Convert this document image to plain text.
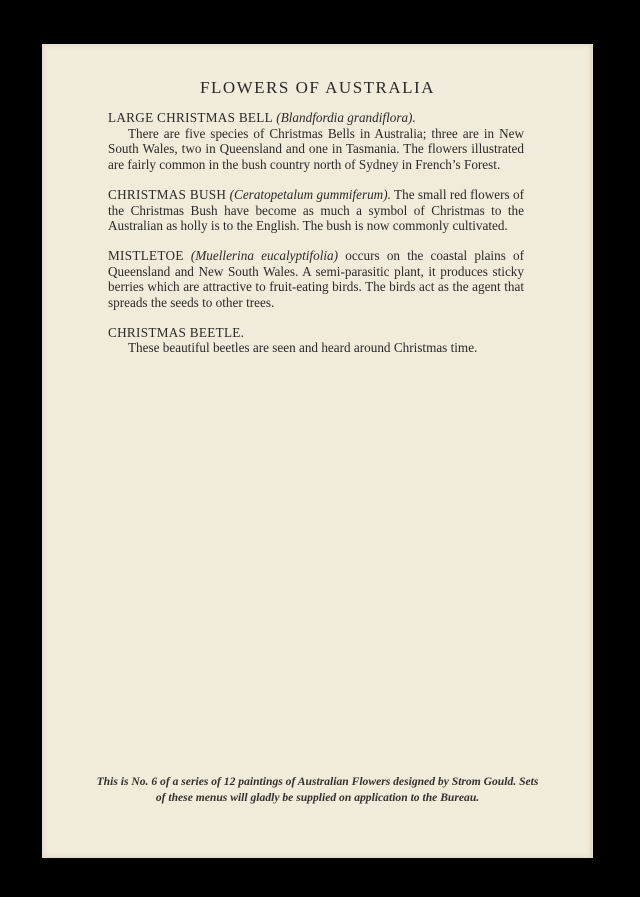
FLOWERS OF AUSTRALIA

LARGE CHRISTMAS BELL (Blandfordia grandiflora).
There are five species of Christmas Bells in Australia; three are in New South Wales, two in Queensland and one in Tasmania. The flowers illustrated are fairly common in the bush country north of Sydney in French’s Forest.

CHRISTMAS BUSH (Ceratopetalum gummiferum). The small red flowers of the Christmas Bush have become as much a symbol of Christmas to the Australian as holly is to the English. The bush is now commonly cultivated.

MISTLETOE (Muellerina eucalyptifolia) occurs on the coastal plains of Queensland and New South Wales. A semi-parasitic plant, it produces sticky berries which are attractive to fruit-eating birds. The birds act as the agent that spreads the seeds to other trees.

CHRISTMAS BEETLE.
These beautiful beetles are seen and heard around Christmas time.

This is No. 6 of a series of 12 paintings of Australian Flowers designed by Strom Gould. Sets of these menus will gladly be supplied on application to the Bureau.
